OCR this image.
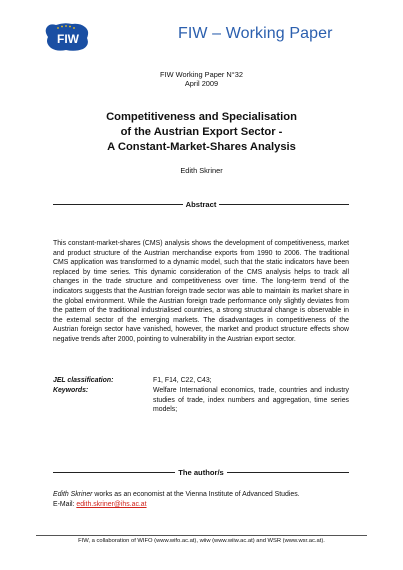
FIW	FIW – Working Paper
FIW Working Paper N°32
April 2009
Competitiveness and Specialisation
of the Austrian Export Sector -
A Constant-Market-Shares Analysis
Edith Skriner
Abstract
This constant-market-shares (CMS) analysis shows the development of competitiveness, market and product structure of the Austrian merchandise exports from 1990 to 2006. The traditional CMS application was transformed to a dynamic model, such that the static indicators have been replaced by time series. This dynamic consideration of the CMS analysis helps to track all changes in the trade structure and competitiveness over time. The long-term trend of the indicators suggests that the Austrian foreign trade sector was able to maintain its market share in the global environment. While the Austrian foreign trade performance only slightly deviates from the pattern of the traditional industrialised countries, a strong structural change is observable in the external sector of the emerging markets. The disadvantages in competitiveness of the Austrian foreign sector have vanished, however, the market and product structure effects show negative trends after 2000, pointing to vulnerability in the Austrian export sector.
JEL classification:	F1, F14, C22, C43;
Keywords:	Welfare International economics, trade, countries and industry studies of trade, index numbers and aggregation, time series models;
The author/s
Edith Skriner works as an economist at the Vienna Institute of Advanced Studies.
E-Mail: edith.skriner@ihs.ac.at
FIW, a collaboration of WIFO (www.wifo.ac.at), wiiw (www.wiiw.ac.at) and WSR (www.wsr.ac.at).
